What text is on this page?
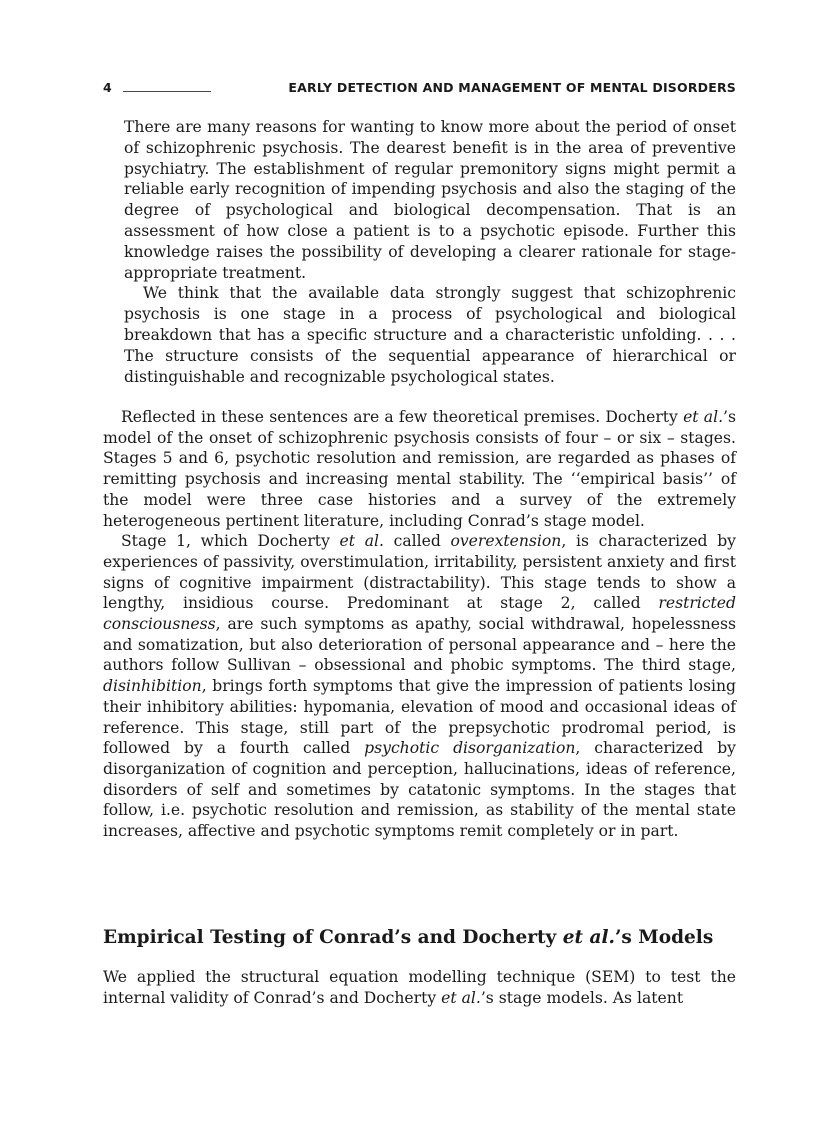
4	EARLY DETECTION AND MANAGEMENT OF MENTAL DISORDERS

There are many reasons for wanting to know more about the period of onset of schizophrenic psychosis. The dearest benefit is in the area of preventive psychiatry. The establishment of regular premonitory signs might permit a reliable early recognition of impending psychosis and also the staging of the degree of psychological and biological decompensation. That is an assessment of how close a patient is to a psychotic episode. Further this knowledge raises the possibility of developing a clearer rationale for stage-appropriate treatment.

We think that the available data strongly suggest that schizophrenic psychosis is one stage in a process of psychological and biological breakdown that has a specific structure and a characteristic unfolding. . . . The structure consists of the sequential appearance of hierarchical or distinguishable and recognizable psychological states.

Reflected in these sentences are a few theoretical premises. Docherty et al.’s model of the onset of schizophrenic psychosis consists of four – or six – stages. Stages 5 and 6, psychotic resolution and remission, are regarded as phases of remitting psychosis and increasing mental stability. The ‘‘empirical basis’’ of the model were three case histories and a survey of the extremely heterogeneous pertinent literature, including Conrad’s stage model.

Stage 1, which Docherty et al. called overextension, is characterized by experiences of passivity, overstimulation, irritability, persistent anxiety and first signs of cognitive impairment (distractability). This stage tends to show a lengthy, insidious course. Predominant at stage 2, called restricted consciousness, are such symptoms as apathy, social withdrawal, hopelessness and somatization, but also deterioration of personal appearance and – here the authors follow Sullivan – obsessional and phobic symptoms. The third stage, disinhibition, brings forth symptoms that give the impression of patients losing their inhibitory abilities: hypomania, elevation of mood and occasional ideas of reference. This stage, still part of the prepsychotic prodromal period, is followed by a fourth called psychotic disorganization, characterized by disorganization of cognition and perception, hallucinations, ideas of reference, disorders of self and sometimes by catatonic symptoms. In the stages that follow, i.e. psychotic resolution and remission, as stability of the mental state increases, affective and psychotic symptoms remit completely or in part.

Empirical Testing of Conrad’s and Docherty et al.’s Models

We applied the structural equation modelling technique (SEM) to test the internal validity of Conrad’s and Docherty et al.’s stage models. As latent
